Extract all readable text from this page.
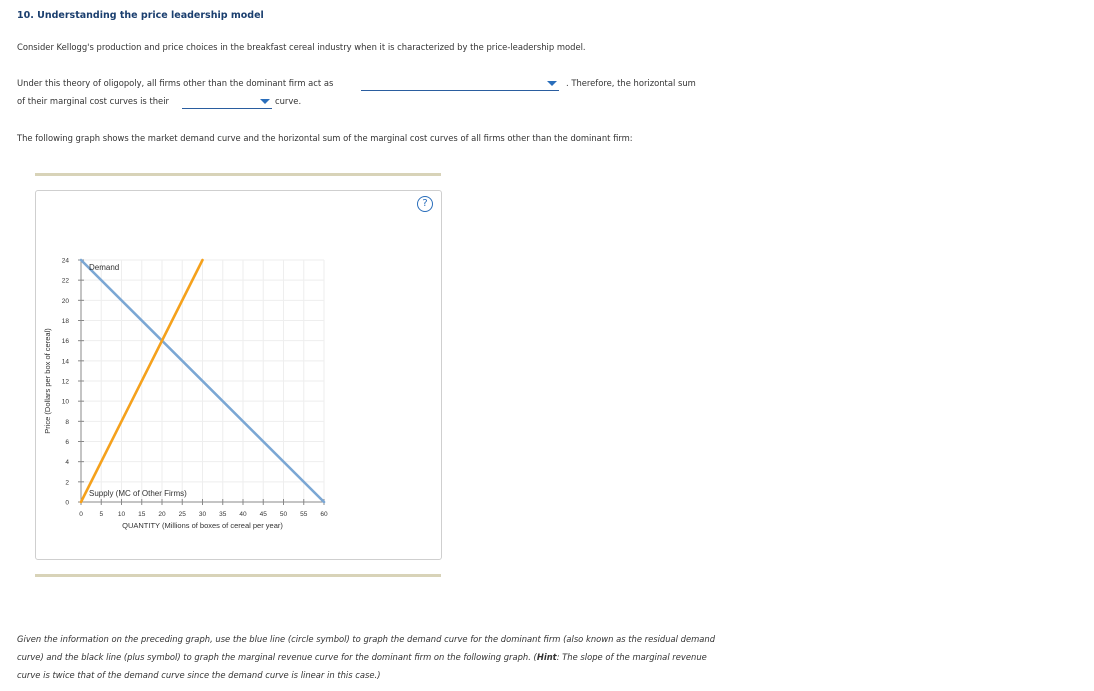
10. Understanding the price leadership model
Consider Kellogg's production and price choices in the breakfast cereal industry when it is characterized by the price-leadership model.
Under this theory of oligopoly, all firms other than the dominant firm act as	. Therefore, the horizontal sum
of their marginal cost curves is their	curve.
The following graph shows the market demand curve and the horizontal sum of the marginal cost curves of all firms other than the dominant firm:
?
0
2
4
6
8
10
12
14
16
18
20
22
24
0	5 10 15 20 25 30 35 40 45 50 55 60
QUANTITY (Millions of boxes of cereal per year)
Price (Dollars per box of cereal)
Demand
Supply (MC of Other Firms)
Given the information on the preceding graph, use the blue line (circle symbol) to graph the demand curve for the dominant firm (also known as the residual demand curve) and the black line (plus symbol) to graph the marginal revenue curve for the dominant firm on the following graph. (Hint: The slope of the marginal revenue curve is twice that of the demand curve since the demand curve is linear in this case.)
